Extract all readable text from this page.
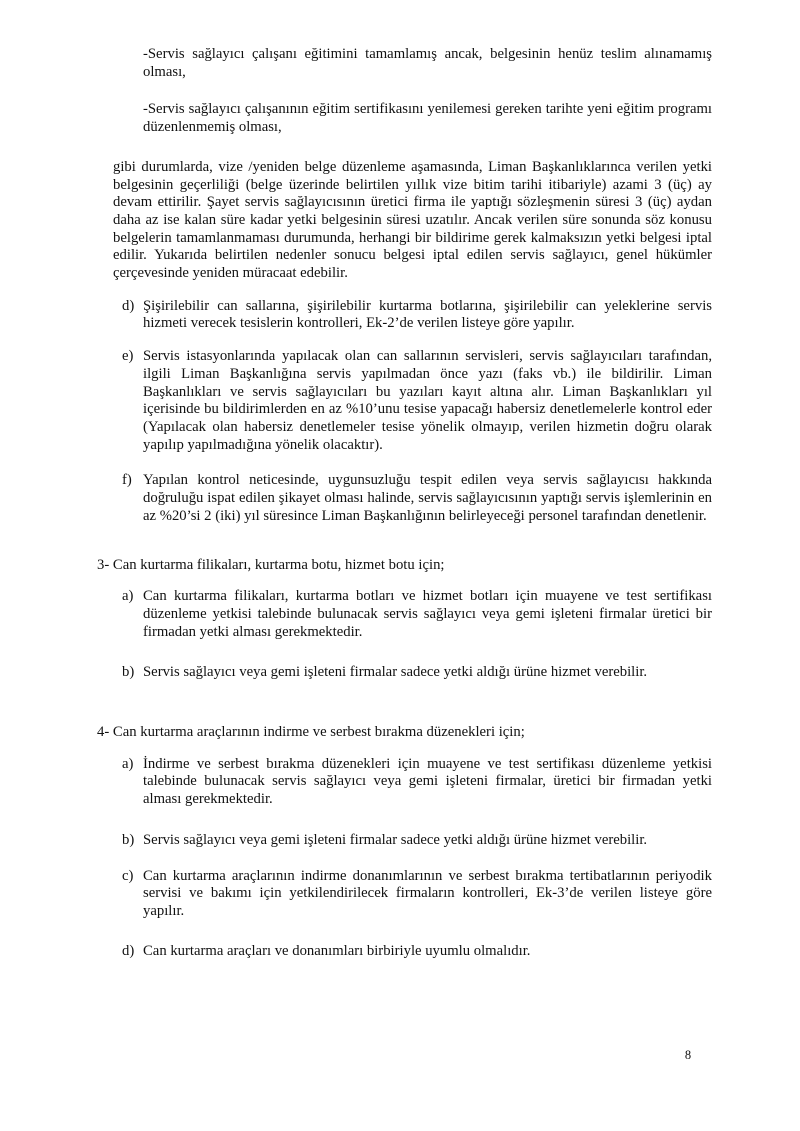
-Servis sağlayıcı çalışanı eğitimini tamamlamış ancak, belgesinin henüz teslim alınamamış olması,

-Servis sağlayıcı çalışanının eğitim sertifikasını yenilemesi gereken tarihte yeni eğitim programı düzenlenmemiş olması,

gibi durumlarda, vize /yeniden belge düzenleme aşamasında, Liman Başkanlıklarınca verilen yetki belgesinin geçerliliği (belge üzerinde belirtilen yıllık vize bitim tarihi itibariyle) azami 3 (üç) ay devam ettirilir. Şayet servis sağlayıcısının üretici firma ile yaptığı sözleşmenin süresi 3 (üç) aydan daha az ise kalan süre kadar yetki belgesinin süresi uzatılır. Ancak verilen süre sonunda söz konusu belgelerin tamamlanmaması durumunda, herhangi bir bildirime gerek kalmaksızın yetki belgesi iptal edilir. Yukarıda belirtilen nedenler sonucu belgesi iptal edilen servis sağlayıcı, genel hükümler çerçevesinde yeniden müracaat edebilir.

d) Şişirilebilir can sallarına, şişirilebilir kurtarma botlarına, şişirilebilir can yeleklerine servis hizmeti verecek tesislerin kontrolleri, Ek-2’de verilen listeye göre yapılır.
e) Servis istasyonlarında yapılacak olan can sallarının servisleri, servis sağlayıcıları tarafından, ilgili Liman Başkanlığına servis yapılmadan önce yazı (faks vb.) ile bildirilir. Liman Başkanlıkları ve servis sağlayıcıları bu yazıları kayıt altına alır. Liman Başkanlıkları yıl içerisinde bu bildirimlerden en az %10’unu tesise yapacağı habersiz denetlemelerle kontrol eder (Yapılacak olan habersiz denetlemeler tesise yönelik olmayıp, verilen hizmetin doğru olarak yapılıp yapılmadığına yönelik olacaktır).
f) Yapılan kontrol neticesinde, uygunsuzluğu tespit edilen veya servis sağlayıcısı hakkında doğruluğu ispat edilen şikayet olması halinde, servis sağlayıcısının yaptığı servis işlemlerinin en az %20’si 2 (iki) yıl süresince Liman Başkanlığının belirleyeceği personel tarafından denetlenir.

3- Can kurtarma filikaları, kurtarma botu, hizmet botu için;

a) Can kurtarma filikaları, kurtarma botları ve hizmet botları için muayene ve test sertifikası düzenleme yetkisi talebinde bulunacak servis sağlayıcı veya gemi işleteni firmalar üretici bir firmadan yetki alması gerekmektedir.
b) Servis sağlayıcı veya gemi işleteni firmalar sadece yetki aldığı ürüne hizmet verebilir.

4- Can kurtarma araçlarının indirme ve serbest bırakma düzenekleri için;

a) İndirme ve serbest bırakma düzenekleri için muayene ve test sertifikası düzenleme yetkisi talebinde bulunacak servis sağlayıcı veya gemi işleteni firmalar, üretici bir firmadan yetki alması gerekmektedir.
b) Servis sağlayıcı veya gemi işleteni firmalar sadece yetki aldığı ürüne hizmet verebilir.
c) Can kurtarma araçlarının indirme donanımlarının ve serbest bırakma tertibatlarının periyodik servisi ve bakımı için yetkilendirilecek firmaların kontrolleri, Ek-3’de verilen listeye göre yapılır.
d) Can kurtarma araçları ve donanımları birbiriyle uyumlu olmalıdır.
8
